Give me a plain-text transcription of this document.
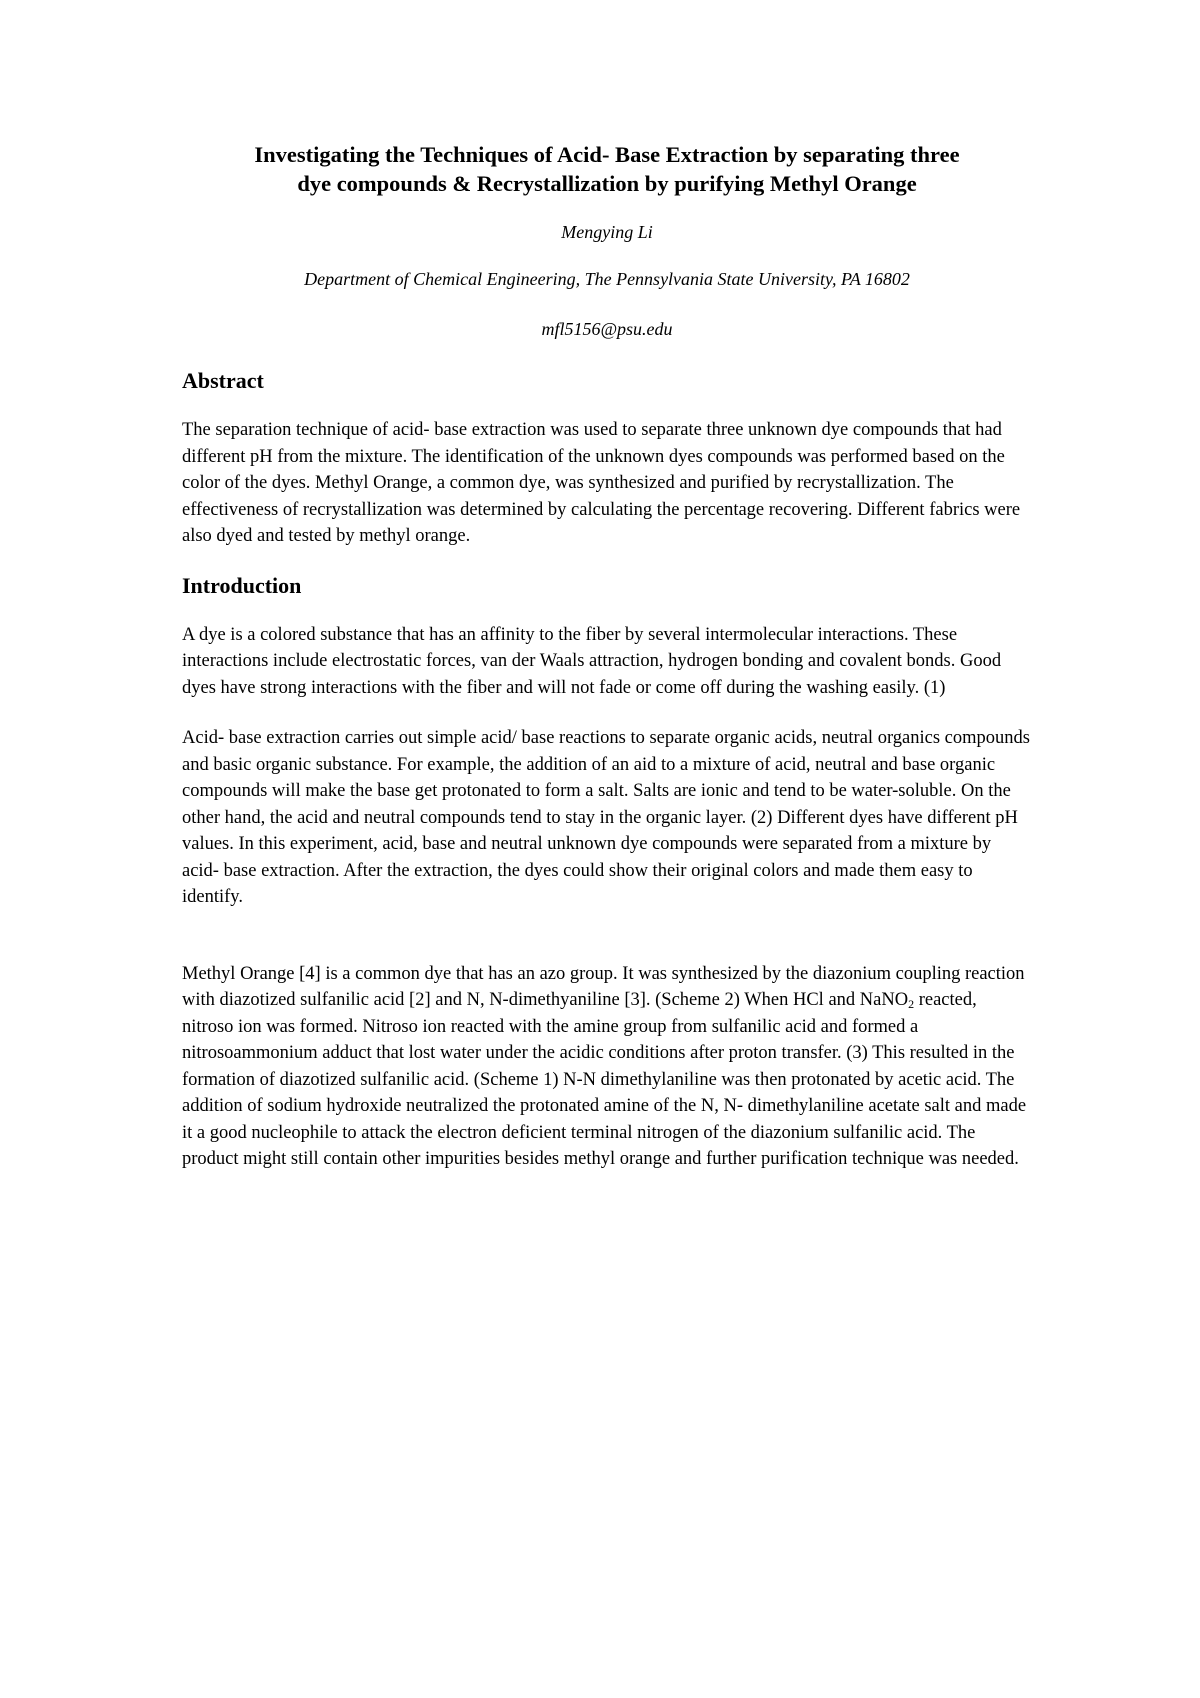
Investigating the Techniques of Acid- Base Extraction by separating three
dye compounds & Recrystallization by purifying Methyl Orange

Mengying Li

Department of Chemical Engineering, The Pennsylvania State University, PA 16802

mfl5156@psu.edu

Abstract

The separation technique of acid- base extraction was used to separate three unknown dye compounds that had different pH from the mixture. The identification of the unknown dyes compounds was performed based on the color of the dyes. Methyl Orange, a common dye, was synthesized and purified by recrystallization. The effectiveness of recrystallization was determined by calculating the percentage recovering. Different fabrics were also dyed and tested by methyl orange.

Introduction

A dye is a colored substance that has an affinity to the fiber by several intermolecular interactions. These interactions include electrostatic forces, van der Waals attraction, hydrogen bonding and covalent bonds. Good dyes have strong interactions with the fiber and will not fade or come off during the washing easily. (1)

Acid- base extraction carries out simple acid/ base reactions to separate organic acids, neutral organics compounds and basic organic substance. For example, the addition of an aid to a mixture of acid, neutral and base organic compounds will make the base get protonated to form a salt. Salts are ionic and tend to be water-soluble. On the other hand, the acid and neutral compounds tend to stay in the organic layer. (2) Different dyes have different pH values. In this experiment, acid, base and neutral unknown dye compounds were separated from a mixture by acid- base extraction. After the extraction, the dyes could show their original colors and made them easy to identify.

Methyl Orange [4] is a common dye that has an azo group. It was synthesized by the diazonium coupling reaction with diazotized sulfanilic acid [2] and N, N-dimethyaniline [3]. (Scheme 2) When HCl and NaNO$_2$ reacted, nitroso ion was formed. Nitroso ion reacted with the amine group from sulfanilic acid and formed a nitrosoammonium adduct that lost water under the acidic conditions after proton transfer. (3) This resulted in the formation of diazotized sulfanilic acid. (Scheme 1) N-N dimethylaniline was then protonated by acetic acid. The addition of sodium hydroxide neutralized the protonated amine of the N, N- dimethylaniline acetate salt and made it a good nucleophile to attack the electron deficient terminal nitrogen of the diazonium sulfanilic acid. The product might still contain other impurities besides methyl orange and further purification technique was needed.
